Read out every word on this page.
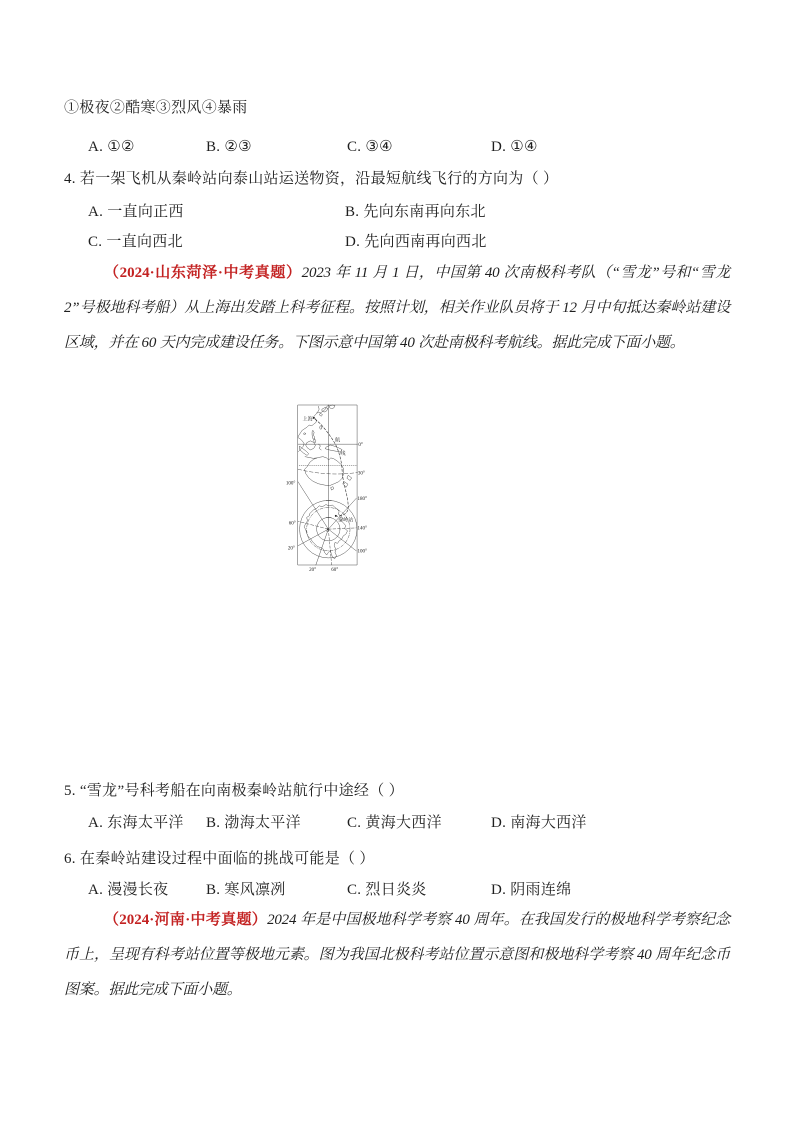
①极夜②酷寒③烈风④暴雨
A. ①②	B. ②③	C. ③④	D. ①④
4. 若一架飞机从秦岭站向泰山站运送物资，沿最短航线飞行的方向为（ ）
A. 一直向正西	B. 先向东南再向东北
C. 一直向西北	D. 先向西南再向西北
（2024·山东菏泽·中考真题）2023 年 11 月 1 日，中国第 40 次南极科考队（“雪龙”号和“雪龙 2”号极地科考船）从上海出发踏上科考征程。按照计划，相关作业队员将于 12 月中旬抵达秦岭站建设区域，并在 60 天内完成建设任务。下图示意中国第 40 次赴南极科考航线。据此完成下面小题。
上海
航
线
秦岭站
S
0°
30°
180°
140°
100°
100°
60°
20°
20° 60°
5. “雪龙”号科考船在向南极秦岭站航行中途经（ ）
A. 东海太平洋 B. 渤海太平洋	C. 黄海大西洋	D. 南海大西洋
6. 在秦岭站建设过程中面临的挑战可能是（ ）
A. 漫漫长夜	B. 寒风凛冽	C. 烈日炎炎	D. 阴雨连绵
（2024·河南·中考真题）2024 年是中国极地科学考察 40 周年。在我国发行的极地科学考察纪念币上，呈现有科考站位置等极地元素。图为我国北极科考站位置示意图和极地科学考察 40 周年纪念币图案。据此完成下面小题。
